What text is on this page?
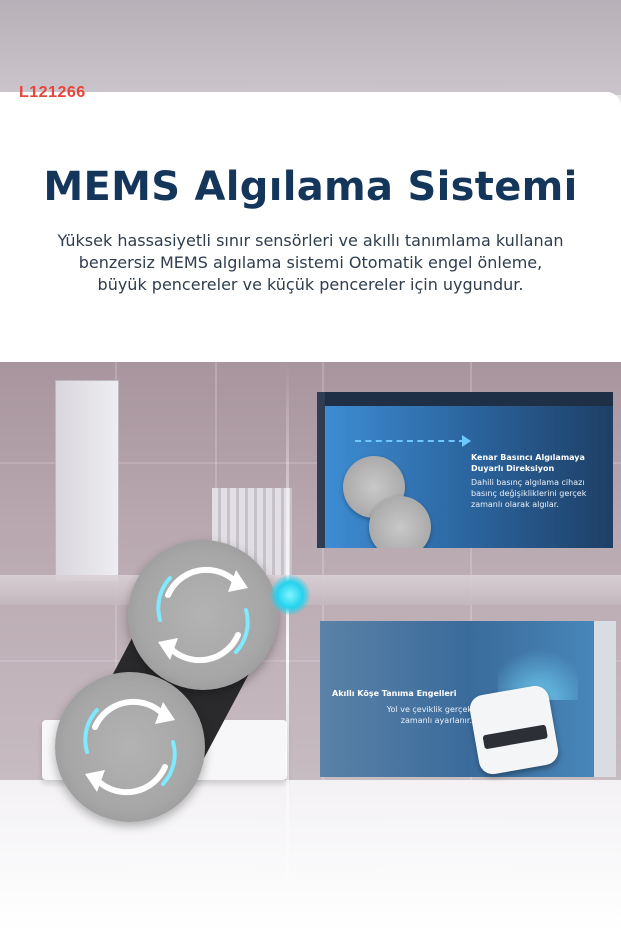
Kenar Basıncı Algılamaya
Duyarlı Direksiyon
Dahili basınç algılama cihazı
basınç değişikliklerini gerçek
zamanlı olarak algılar.
Akıllı Köşe Tanıma Engelleri
Yol ve çeviklik gerçek
zamanlı ayarlanır.
L121266
MEMS Algılama Sistemi
Yüksek hassasiyetli sınır sensörleri ve akıllı tanımlama kullanan
benzersiz MEMS algılama sistemi Otomatik engel önleme,
büyük pencereler ve küçük pencereler için uygundur.
